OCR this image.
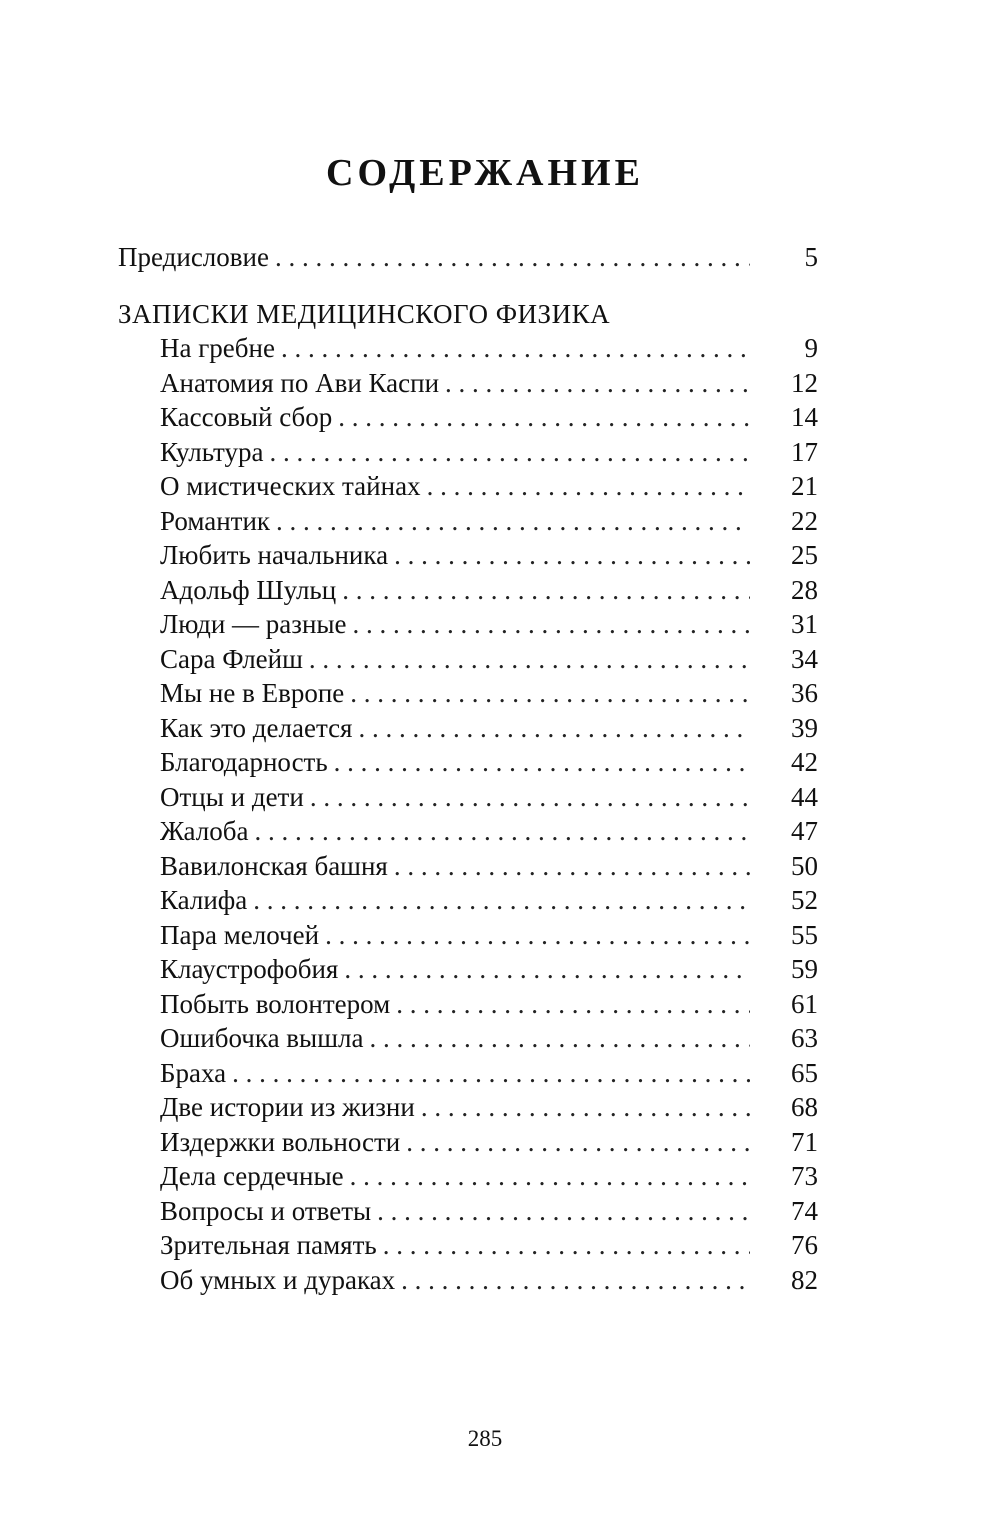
СОДЕРЖАНИЕ
Предисловие . . .	5
ЗАПИСКИ МЕДИЦИНСКОГО ФИЗИКА
На гребне . . .	9
Анатомия по Ави Каспи . . .	12
Кассовый сбор . . .	14
Культура . . .	17
О мистических тайнах . . .	21
Романтик . . .	22
Любить начальника . . .	25
Адольф Шульц . . .	28
Люди — разные . . .	31
Сара Флейш . . .	34
Мы не в Европе . . .	36
Как это делается . . .	39
Благодарность . . .	42
Отцы и дети . . .	44
Жалоба . . .	47
Вавилонская башня . . .	50
Калифа . . .	52
Пара мелочей . . .	55
Клаустрофобия . . .	59
Побыть волонтером . . .	61
Ошибочка вышла . . .	63
Браха . . .	65
Две истории из жизни . . .	68
Издержки вольности . . .	71
Дела сердечные . . .	73
Вопросы и ответы . . .	74
Зрительная память . . .	76
Об умных и дураках . . .	82
285
